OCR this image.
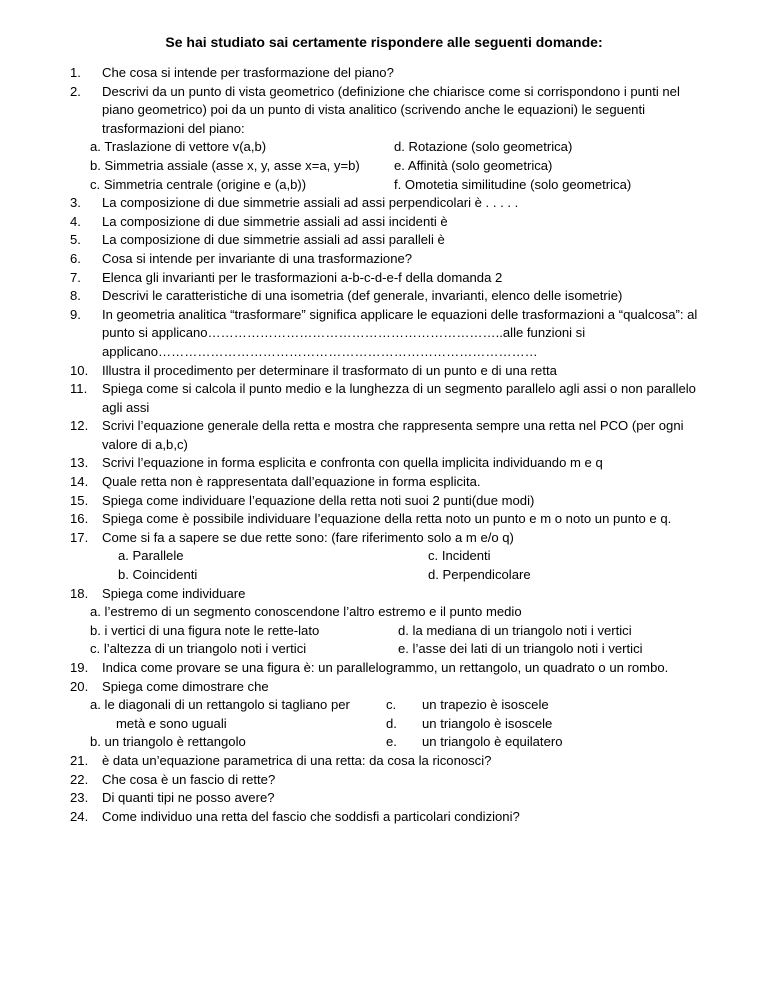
Se hai studiato sai certamente rispondere alle seguenti domande:
1.	Che cosa si intende per trasformazione del piano?
2.	Descrivi da un punto di vista geometrico (definizione che chiarisce come si corrispondono i punti nel piano geometrico) poi da un punto di vista analitico (scrivendo anche le equazioni) le seguenti trasformazioni del piano:
a. Traslazione di vettore v(a,b)	d. Rotazione (solo geometrica)
b. Simmetria assiale (asse x, y, asse x=a, y=b)	e. Affinità (solo geometrica)
c. Simmetria centrale (origine e (a,b))	f. Omotetia similitudine (solo geometrica)
3.	La composizione di due simmetrie assiali ad assi perpendicolari è . . . . .
4.	La composizione di due simmetrie assiali ad assi incidenti è
5.	La composizione di due simmetrie assiali ad assi paralleli è
6.	Cosa si intende per invariante di una trasformazione?
7.	Elenca gli invarianti per le trasformazioni a-b-c-d-e-f della domanda 2
8.	Descrivi le caratteristiche di una isometria (def generale, invarianti, elenco delle isometrie)
9.	In geometria analitica “trasformare” significa applicare le equazioni delle trasformazioni a “qualcosa”: al punto si applicano…………………………………………………………..alle funzioni si applicano……………………………………………………………………………
10.	Illustra il procedimento per determinare il trasformato di un punto e di una retta
11.	Spiega come si calcola il punto medio e la lunghezza di un segmento parallelo agli assi o non parallelo agli assi
12.	Scrivi l’equazione generale della retta e mostra che rappresenta sempre una retta nel PCO (per ogni valore di a,b,c)
13.	Scrivi l’equazione in forma esplicita e confronta con quella implicita individuando m e q
14.	Quale retta non è rappresentata dall’equazione in forma esplicita.
15.	Spiega come individuare l’equazione della retta noti suoi 2 punti(due modi)
16.	Spiega come è possibile individuare l’equazione della retta noto un punto e m o noto un punto e q.
17.	Come si fa a sapere se due rette sono: (fare riferimento solo a m e/o q)
a. Parallele	c. Incidenti
b. Coincidenti	d. Perpendicolare
18.	Spiega come individuare
a. l’estremo di un segmento conoscendone l’altro estremo e il punto medio
b. i vertici di una figura note le rette-lato	d. la mediana di un triangolo noti i vertici
c. l’altezza di un triangolo noti i vertici	e. l’asse dei lati di un triangolo noti i vertici
19.	Indica come provare se una figura è: un parallelogrammo, un rettangolo, un quadrato o un rombo.
20.	Spiega come dimostrare che
a. le diagonali di un rettangolo si tagliano per	c. un trapezio è isoscele
metà e sono uguali	d. un triangolo è isoscele
b. un triangolo è rettangolo	e. un triangolo è equilatero
21.	è data un’equazione parametrica di una retta: da cosa la riconosci?
22.	Che cosa è un fascio di rette?
23.	Di quanti tipi ne posso avere?
24.	Come individuo una retta del fascio che soddisfi a particolari condizioni?
